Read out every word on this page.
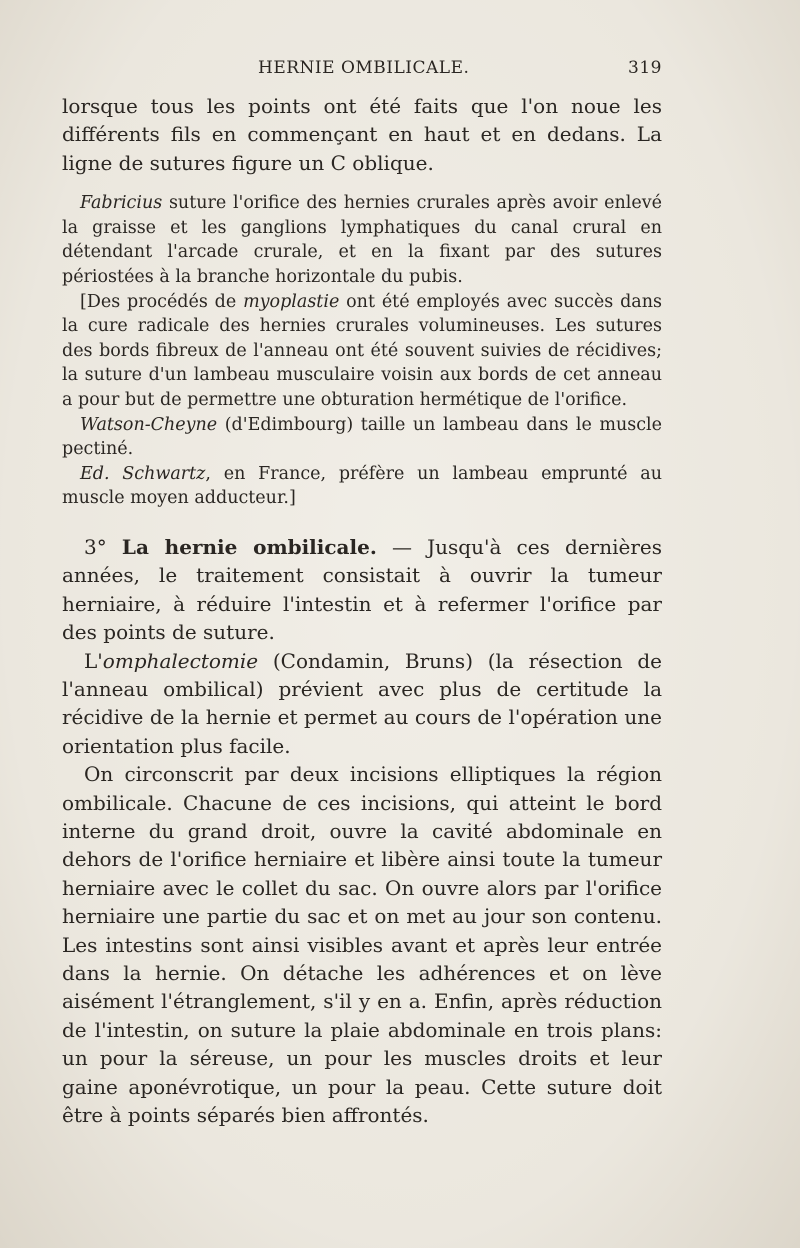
HERNIE OMBILICALE.	319

lorsque tous les points ont été faits que l'on noue les différents fils en commençant en haut et en dedans. La ligne de sutures figure un C oblique.

Fabricius suture l'orifice des hernies crurales après avoir enlevé la graisse et les ganglions lymphatiques du canal crural en détendant l'arcade crurale, et en la fixant par des sutures périostées à la branche horizontale du pubis.

[Des procédés de myoplastie ont été employés avec succès dans la cure radicale des hernies crurales volumineuses. Les sutures des bords fibreux de l'anneau ont été souvent suivies de récidives; la suture d'un lambeau musculaire voisin aux bords de cet anneau a pour but de permettre une obturation hermétique de l'orifice.

Watson-Cheyne (d'Edimbourg) taille un lambeau dans le muscle pectiné.

Ed. Schwartz, en France, préfère un lambeau emprunté au muscle moyen adducteur.]

3° La hernie ombilicale. — Jusqu'à ces dernières années, le traitement consistait à ouvrir la tumeur herniaire, à réduire l'intestin et à refermer l'orifice par des points de suture.

L'omphalectomie (Condamin, Bruns) (la résection de l'anneau ombilical) prévient avec plus de certitude la récidive de la hernie et permet au cours de l'opération une orientation plus facile.

On circonscrit par deux incisions elliptiques la région ombilicale. Chacune de ces incisions, qui atteint le bord interne du grand droit, ouvre la cavité abdominale en dehors de l'orifice herniaire et libère ainsi toute la tumeur herniaire avec le collet du sac. On ouvre alors par l'orifice herniaire une partie du sac et on met au jour son contenu. Les intestins sont ainsi visibles avant et après leur entrée dans la hernie. On détache les adhérences et on lève aisément l'étranglement, s'il y en a. Enfin, après réduction de l'intestin, on suture la plaie abdominale en trois plans: un pour la séreuse, un pour les muscles droits et leur gaine aponévrotique, un pour la peau. Cette suture doit être à points séparés bien affrontés.
